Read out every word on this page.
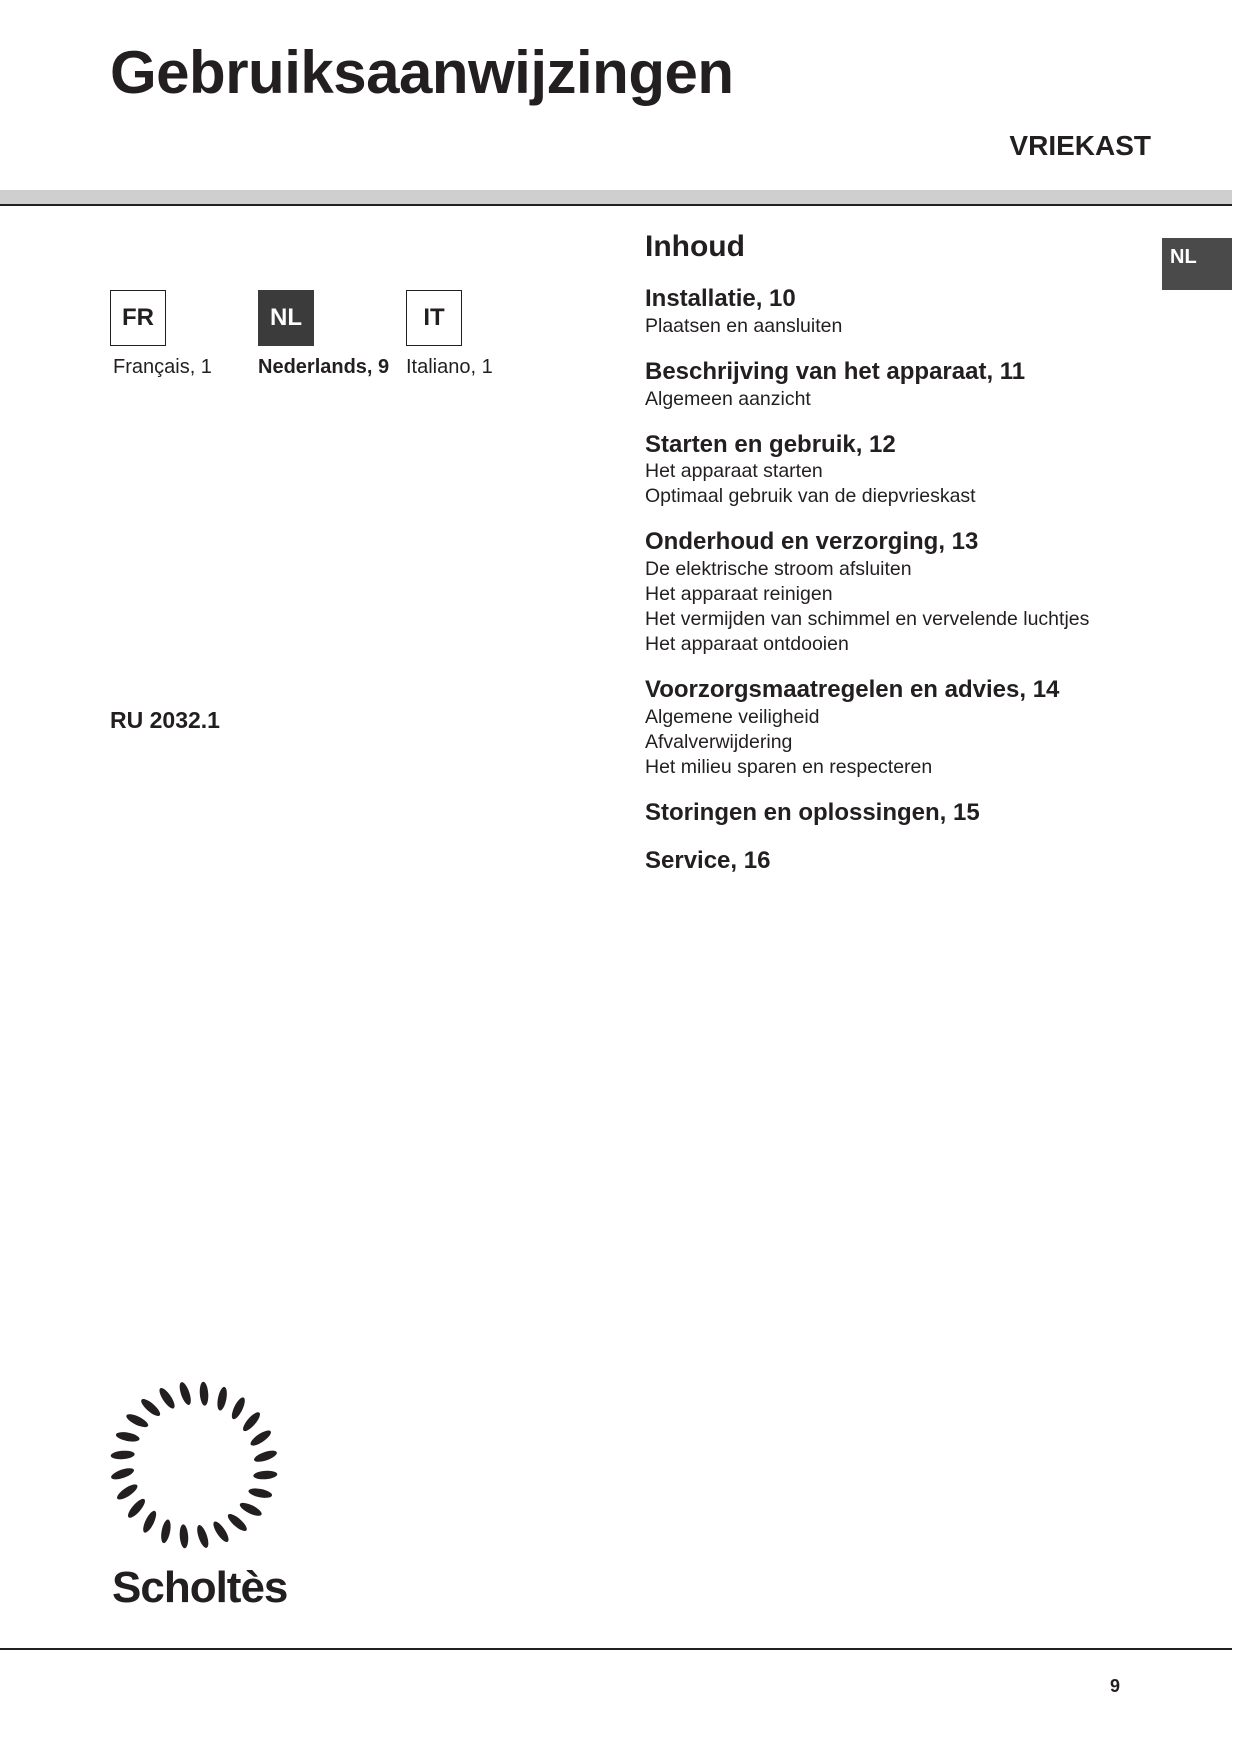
Gebruiksaanwijzingen
VRIEKAST
NL
FR
Français, 1
NL
Nederlands, 9
IT
Italiano, 1
RU 2032.1
Inhoud
Installatie, 10
Plaatsen en aansluiten
Beschrijving van het apparaat, 11
Algemeen aanzicht
Starten en gebruik, 12
Het apparaat starten
Optimaal gebruik van de diepvrieskast
Onderhoud en verzorging, 13
De elektrische stroom afsluiten
Het apparaat reinigen
Het vermijden van schimmel en vervelende luchtjes
Het apparaat ontdooien
Voorzorgsmaatregelen en advies, 14
Algemene veiligheid
Afvalverwijdering
Het milieu sparen en respecteren
Storingen en oplossingen, 15
Service, 16
Scholtès
9
